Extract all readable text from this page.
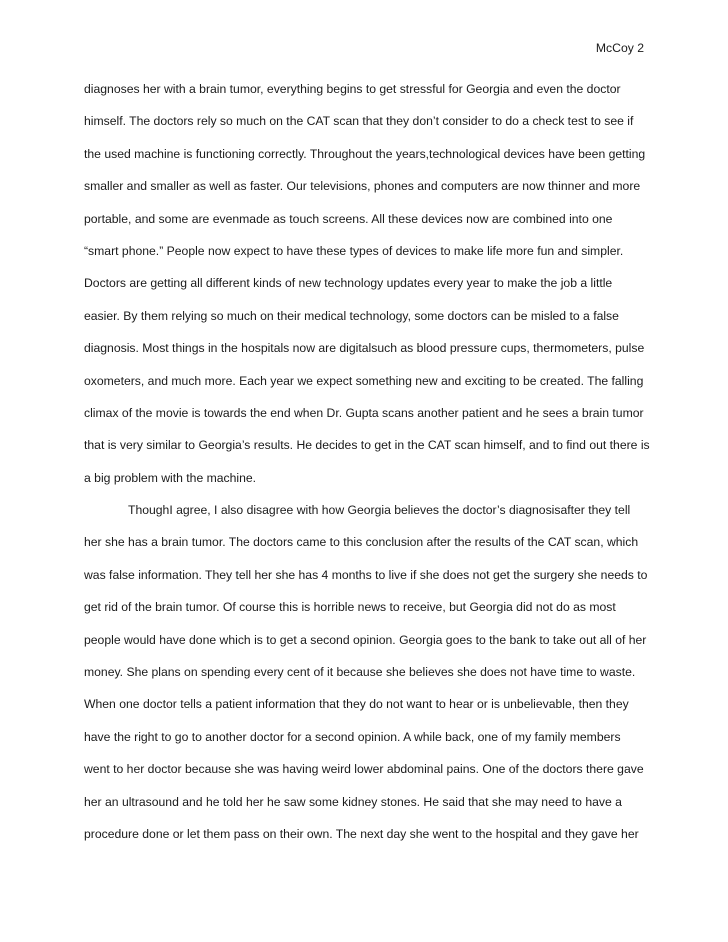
McCoy 2
diagnoses her with a brain tumor, everything begins to get stressful for Georgia and even the doctor
himself. The doctors rely so much on the CAT scan that they don’t consider to do a check test to see if
the used machine is functioning correctly. Throughout the years,technological devices have been getting
smaller and smaller as well as faster. Our televisions, phones and computers are now thinner and more
portable, and some are evenmade as touch screens. All these devices now are combined into one
“smart phone.” People now expect to have these types of devices to make life more fun and simpler.
Doctors are getting all different kinds of new technology updates every year to make the job a little
easier. By them relying so much on their medical technology, some doctors can be misled to a false
diagnosis. Most things in the hospitals now are digitalsuch as blood pressure cups, thermometers, pulse
oxometers, and much more. Each year we expect something new and exciting to be created. The falling
climax of the movie is towards the end when Dr. Gupta scans another patient and he sees a brain tumor
that is very similar to Georgia’s results. He decides to get in the CAT scan himself, and to find out there is
a big problem with the machine.
ThoughI agree, I also disagree with how Georgia believes the doctor’s diagnosisafter they tell
her she has a brain tumor. The doctors came to this conclusion after the results of the CAT scan, which
was false information. They tell her she has 4 months to live if she does not get the surgery she needs to
get rid of the brain tumor. Of course this is horrible news to receive, but Georgia did not do as most
people would have done which is to get a second opinion. Georgia goes to the bank to take out all of her
money. She plans on spending every cent of it because she believes she does not have time to waste.
When one doctor tells a patient information that they do not want to hear or is unbelievable, then they
have the right to go to another doctor for a second opinion. A while back, one of my family members
went to her doctor because she was having weird lower abdominal pains. One of the doctors there gave
her an ultrasound and he told her he saw some kidney stones. He said that she may need to have a
procedure done or let them pass on their own. The next day she went to the hospital and they gave her
